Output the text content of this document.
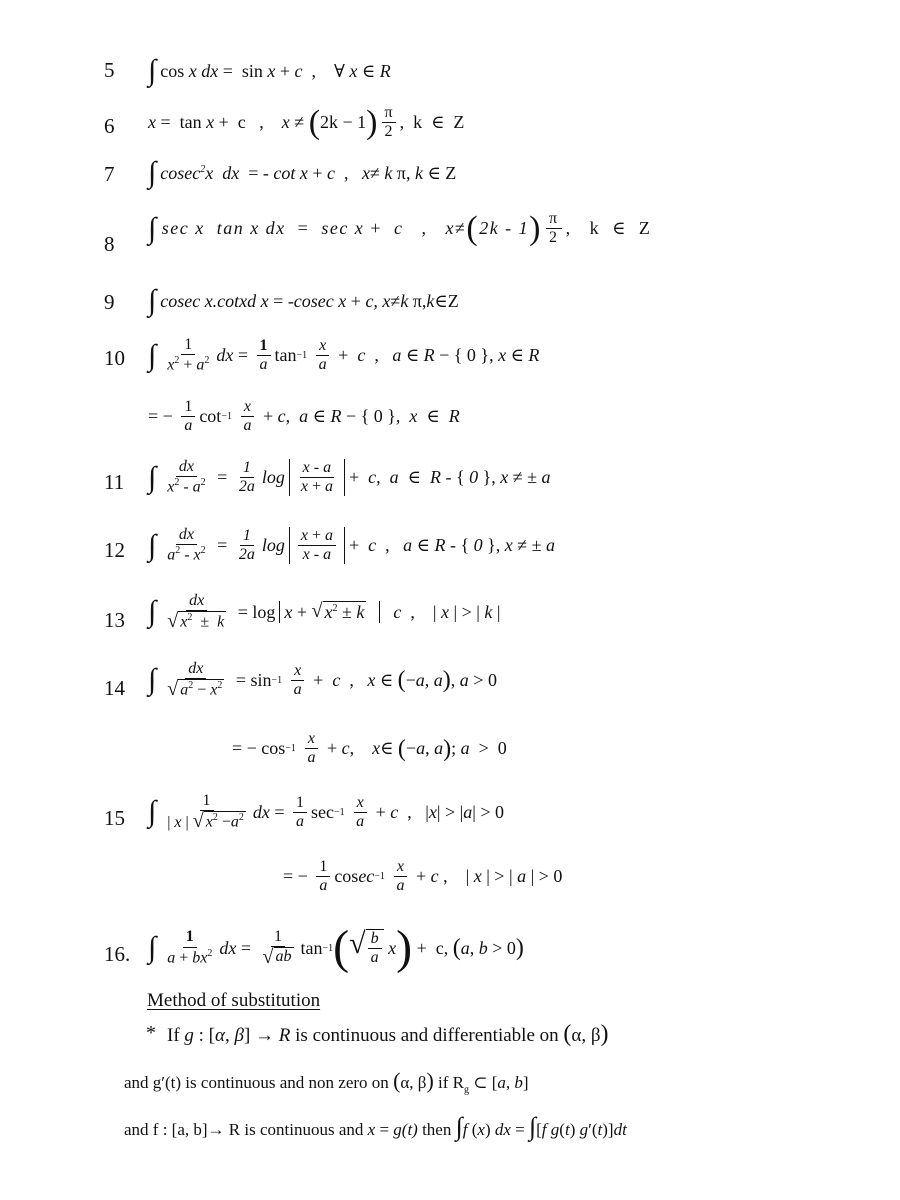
5 ∫ cos x
dx =  sin x + c ,    ∀ x ∈ R
6 x =  tan x +  c   , x ≠ ( 2k − 1 ) $\frac{\pi}{2}$ ,  k  ∈  Z
7 ∫ cosec$^2$x  dx = - cot x + c , x ≠ k π, k ∈ Z
8 ∫ sec x  tan x dx = sec x + c , x ≠ ( 2k - 1 ) $\frac{\pi}{2}$ ,   k  ∈  Z
9 ∫ cosec x.cotxd x = -cosec x + c, x ≠ k π, k ∈Z
10 ∫ $\frac{1}{x^2 + a^2}$ dx = $\frac{1}{a}$ tan −1
$\frac{x}{a} + c$ , a ∈ R − { 0 }, x ∈ R
= − $\frac{1}{a}$ cot −1
$\frac{x}{a} + c$ , a ∈ R − { 0 }, x ∈ R
11 ∫ $\frac{dx}{x^2 - a^2} = \frac{1}{2a}$ $\log \frac{x - a}{x + a} + c$,
a ∈ R - { 0 }, x ≠ ± a
12 ∫ $\frac{dx}{a^2 - x^2} = \frac{1}{2a}$ $\log \frac{x + a}{x - a} + c$ , a ∈ R - { 0 }, x ≠ ± a
13 ∫ $\frac{dx}{√ x^2 \pm k} = \log x$ + √ $x^2 \pm k$

c ,    | x | > | k |
14 ∫ $\frac{dx}{√ a^2 - x^2} = \sin -1$
$\frac{x}{a} + c$ , x ∈ ( − a , a ) , a > 0
= − cos −1
$\frac{x}{a} + c$ , x ∈ ( − a , a ) ; a >  0
15 ∫ $\frac{1}{| x | √ x^2 -a^2}$ dx = $\frac{1}{a}$ sec −1
$\frac{x}{a} + c$ ,   | x | > | a | > 0
= − $\frac{1}{a}$ cos ec −1
$\frac{x}{a} + c$ ,    | x | > | a | > 0
16. ∫ $\frac{1}{a + bx^2}$ dx = $\frac{1}{√ ab}$ tan −1 ( √ $\frac{b}{a}$
x ) +  c, ( a , b > 0 )
Method of substitution
* If g : [α, β] → R is continuous and differentiable on (α, β)
and g′(t) is continuous and non zero on (α, β) if $R_g$ ⊂ [a, b]
and f : [a, b]→ R is continuous and x = g(t) then ∫f (x) dx = ∫[f g(t) g′(t)]dt
